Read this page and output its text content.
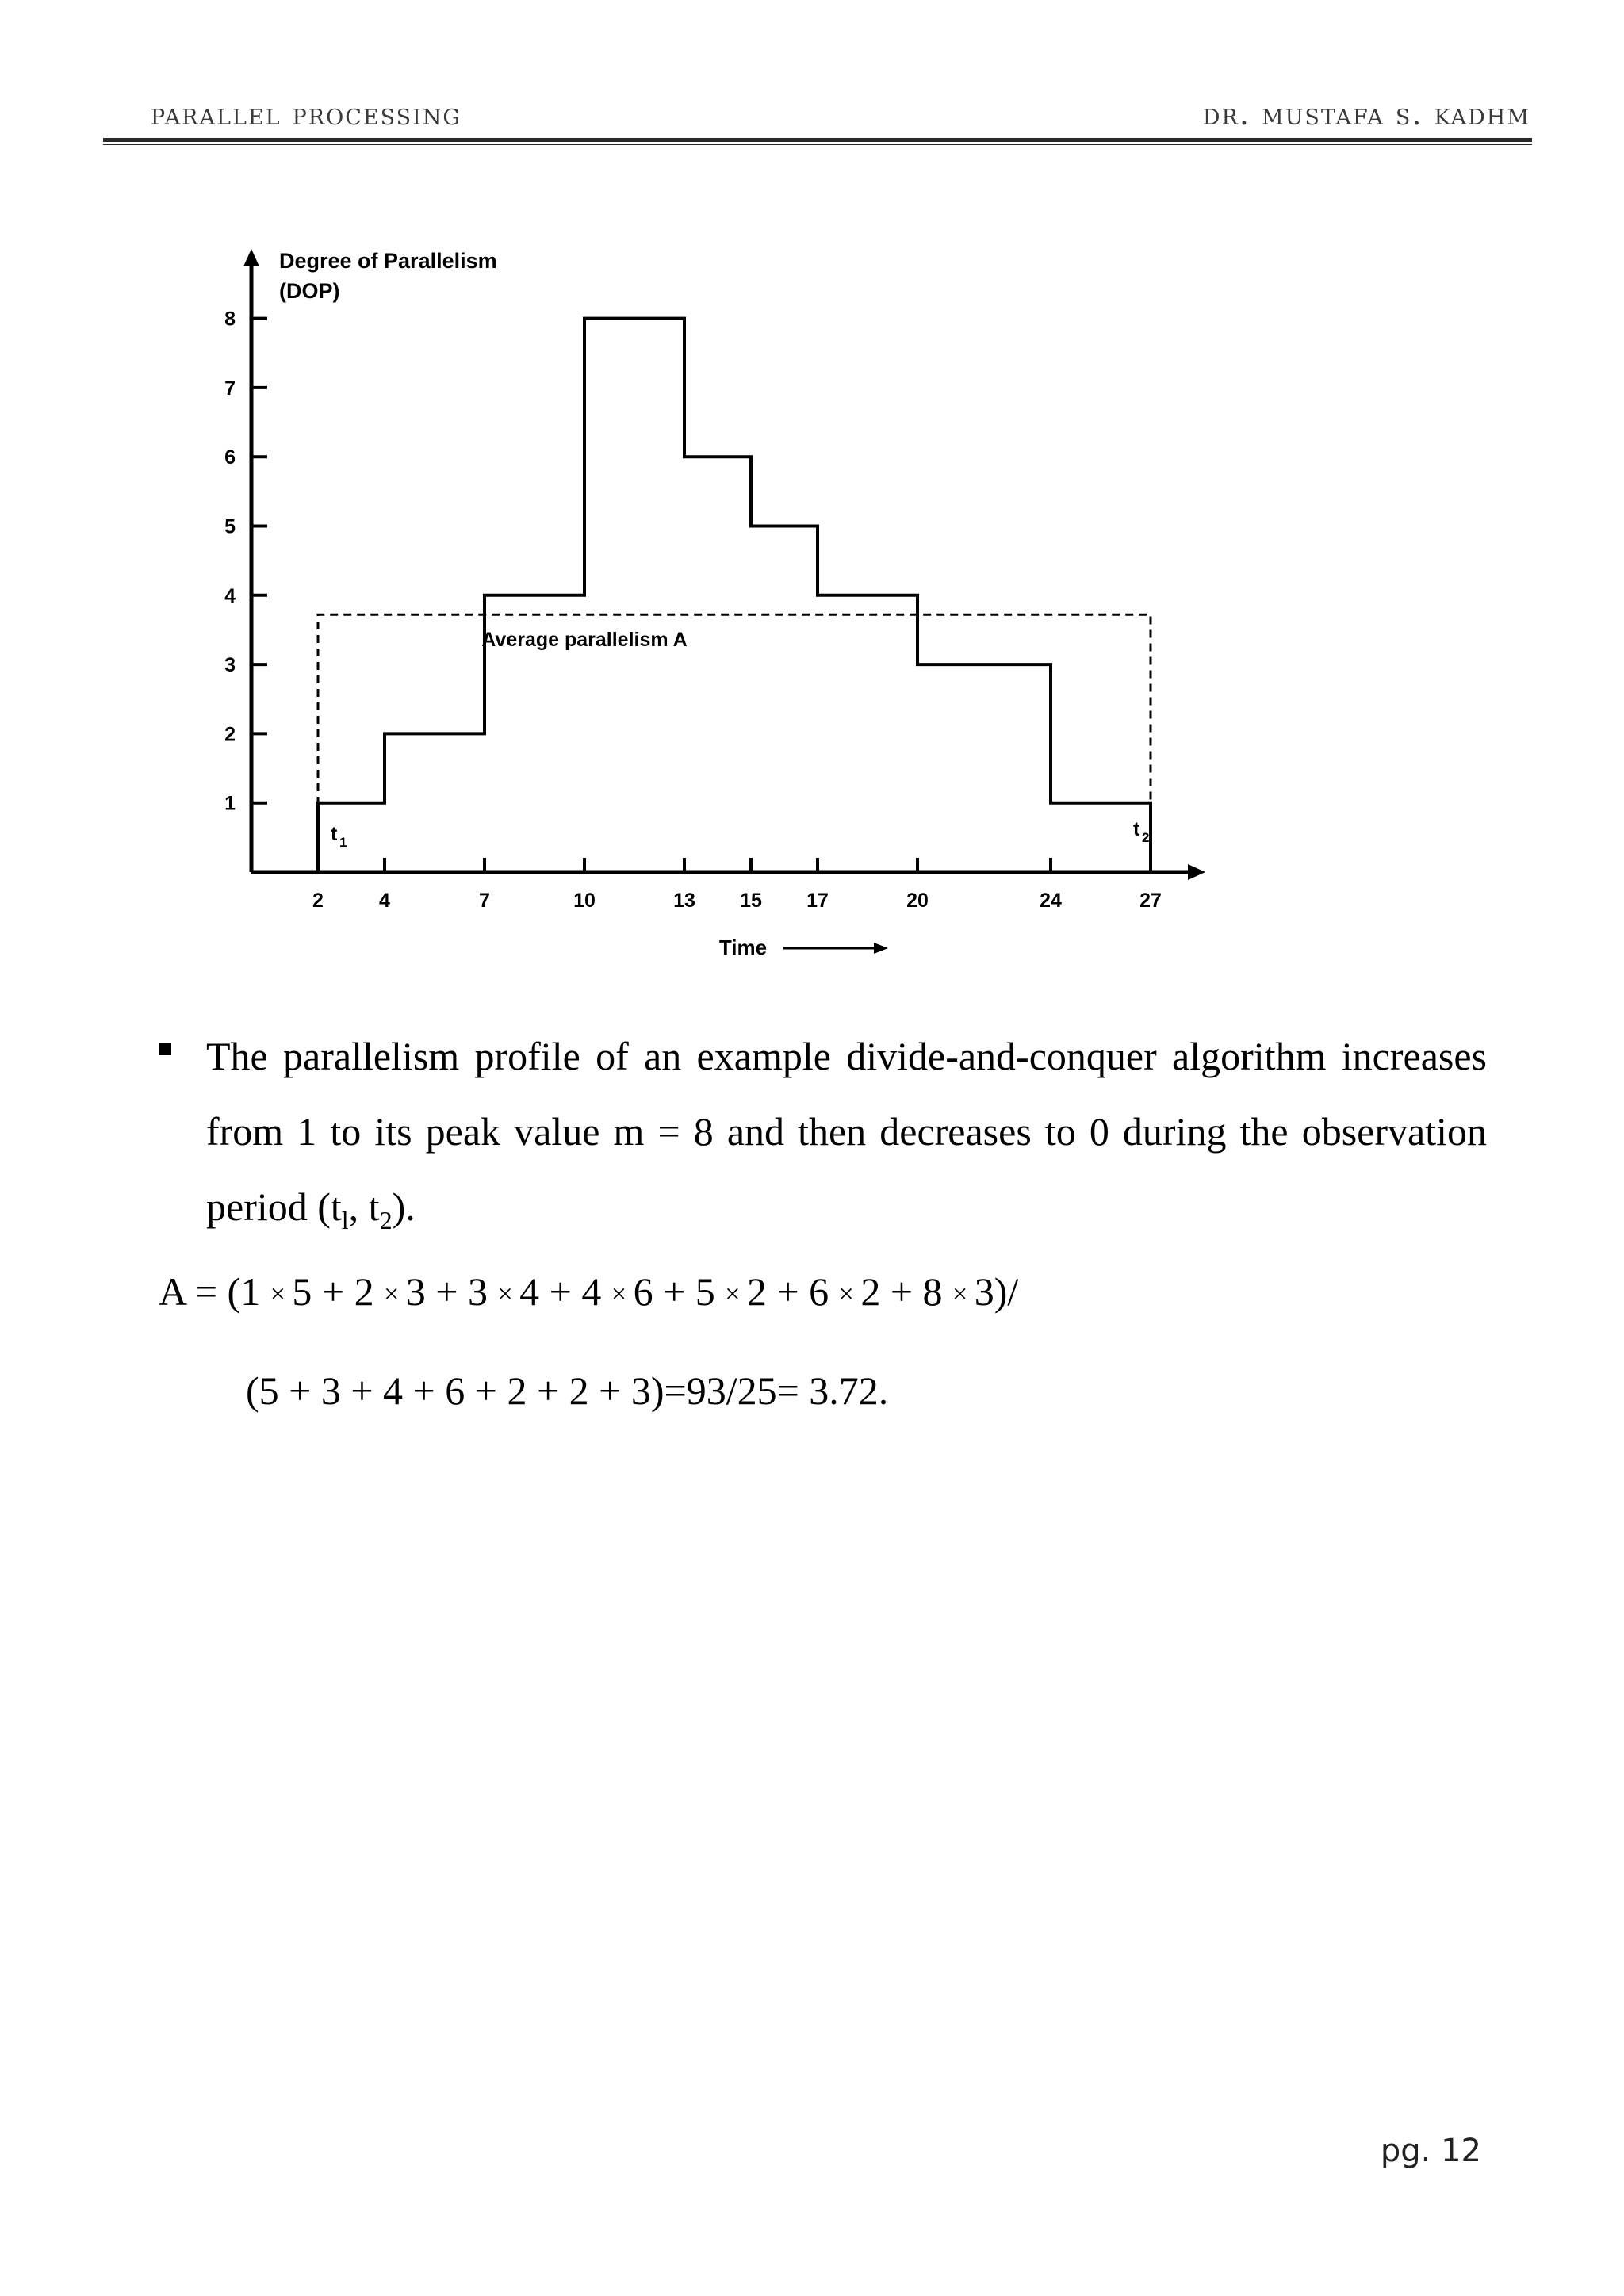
parallel processing	dr. mustafa s. kadhm
Degree of Parallelism
(DOP)
1
2
3
4
5
6
7
8
2	4	7	10	13 15 17	20	24	27
Time
Average parallelism A
t 1
t 2
The parallelism profile of an example divide-and-conquer algorithm increases from 1 to its peak value m = 8 and then decreases to 0 during the observation period ($t_l$, $t_2$).
A = (1 × 5 + 2 × 3 + 3 × 4 + 4 × 6 + 5 × 2 + 6 × 2 + 8 × 3)/
(5 + 3 + 4 + 6 + 2 + 2 + 3)=93/25= 3.72.
pg. 12
